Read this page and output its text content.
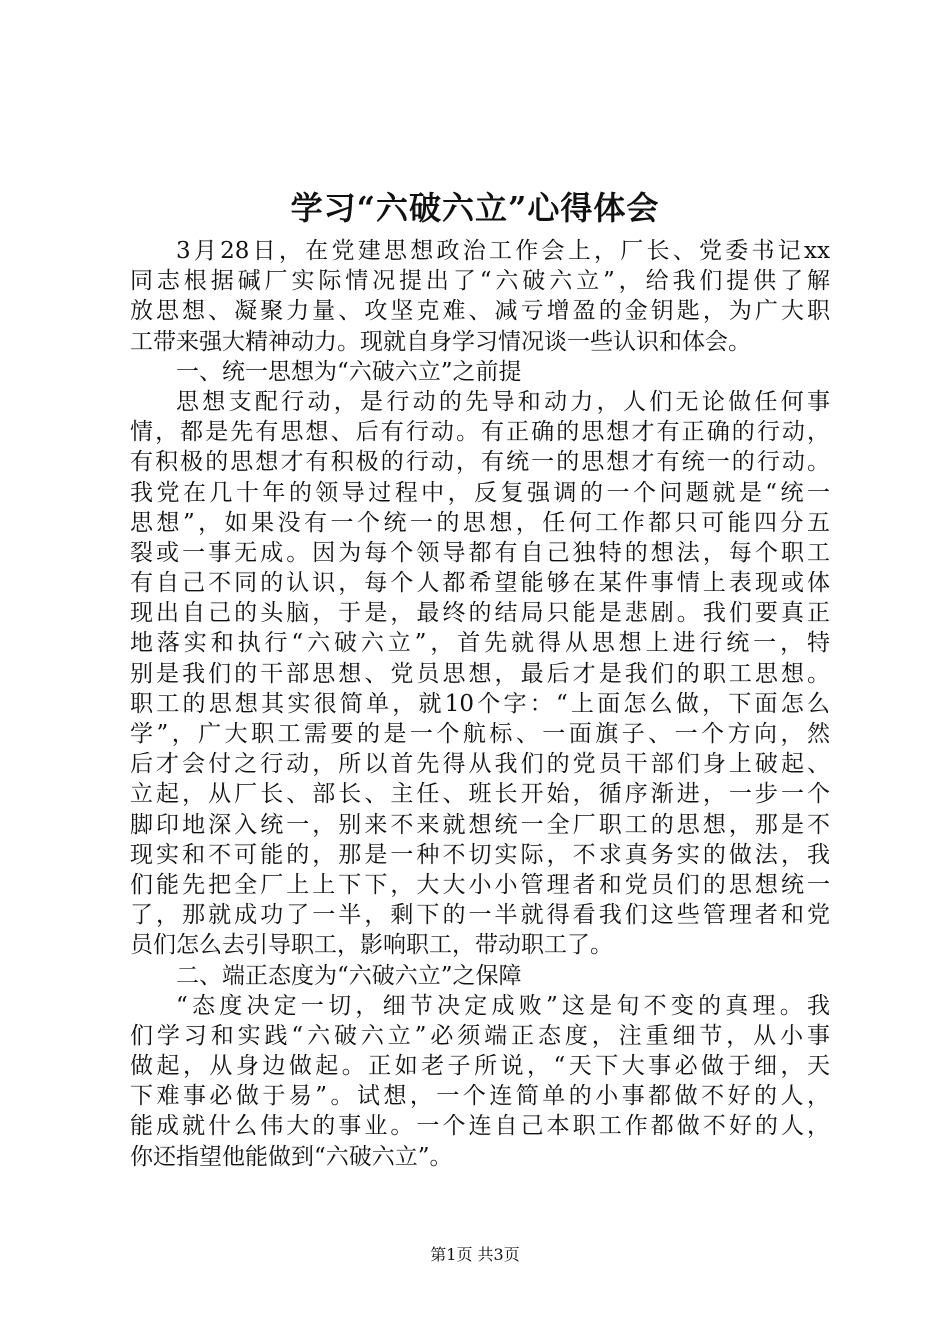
学习“六破六立”心得体会
3月28日，在党建思想政治工作会上，厂长、党委书记xx
同志根据碱厂实际情况提出了“六破六立”，给我们提供了解
放思想、凝聚力量、攻坚克难、减亏增盈的金钥匙，为广大职
工带来强大精神动力。现就自身学习情况谈一些认识和体会。
一、统一思想为“六破六立”之前提
思想支配行动，是行动的先导和动力，人们无论做任何事
情，都是先有思想、后有行动。有正确的思想才有正确的行动，
有积极的思想才有积极的行动，有统一的思想才有统一的行动。
我党在几十年的领导过程中，反复强调的一个问题就是“统一
思想”，如果没有一个统一的思想，任何工作都只可能四分五
裂或一事无成。因为每个领导都有自己独特的想法，每个职工
有自己不同的认识，每个人都希望能够在某件事情上表现或体
现出自己的头脑，于是，最终的结局只能是悲剧。我们要真正
地落实和执行“六破六立”，首先就得从思想上进行统一，特
别是我们的干部思想、党员思想，最后才是我们的职工思想。
职工的思想其实很简单，就10个字：“上面怎么做，下面怎么
学”，广大职工需要的是一个航标、一面旗子、一个方向，然
后才会付之行动，所以首先得从我们的党员干部们身上破起、
立起，从厂长、部长、主任、班长开始，循序渐进，一步一个
脚印地深入统一，别来不来就想统一全厂职工的思想，那是不
现实和不可能的，那是一种不切实际，不求真务实的做法，我
们能先把全厂上上下下，大大小小管理者和党员们的思想统一
了，那就成功了一半，剩下的一半就得看我们这些管理者和党
员们怎么去引导职工，影响职工，带动职工了。
二、端正态度为“六破六立”之保障
“态度决定一切，细节决定成败”这是旬不变的真理。我
们学习和实践“六破六立”必须端正态度，注重细节，从小事
做起，从身边做起。正如老子所说，“天下大事必做于细，天
下难事必做于易”。试想，一个连简单的小事都做不好的人，
能成就什么伟大的事业。一个连自己本职工作都做不好的人，
你还指望他能做到“六破六立”。
第1页 共3页
